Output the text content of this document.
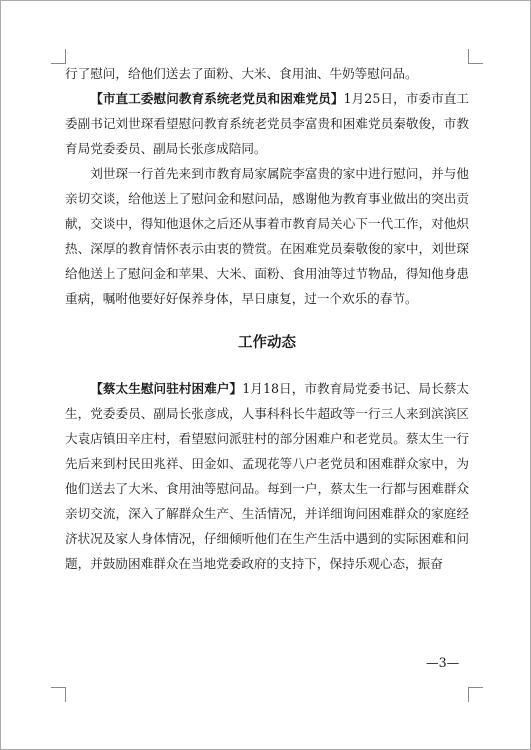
行了慰问，给他们送去了面粉、大米、食用油、牛奶等慰问品。

【市直工委慰问教育系统老党员和困难党员】1月25日，市委市直工委副书记刘世琛看望慰问教育系统老党员李富贵和困难党员秦敬俊，市教育局党委委员、副局长张彦成陪同。

刘世琛一行首先来到市教育局家属院李富贵的家中进行慰问，并与他亲切交谈，给他送上了慰问金和慰问品，感谢他为教育事业做出的突出贡献，交谈中，得知他退休之后还从事着市教育局关心下一代工作，对他炽热、深厚的教育情怀表示由衷的赞赏。在困难党员秦敬俊的家中，刘世琛给他送上了慰问金和苹果、大米、面粉、食用油等过节物品，得知他身患重病，嘱咐他要好好保养身体，早日康复，过一个欢乐的春节。

工作动态

【蔡太生慰问驻村困难户】1月18日，市教育局党委书记、局长蔡太生，党委委员、副局长张彦成，人事科科长牛超政等一行三人来到滨滨区大袁店镇田辛庄村，看望慰问派驻村的部分困难户和老党员。蔡太生一行先后来到村民田兆祥、田金如、孟现花等八户老党员和困难群众家中，为他们送去了大米、食用油等慰问品。每到一户，蔡太生一行都与困难群众亲切交流，深入了解群众生产、生活情况，并详细询问困难群众的家庭经济状况及家人身体情况，仔细倾听他们在生产生活中遇到的实际困难和问题，并鼓励困难群众在当地党委政府的支持下，保持乐观心态，振奋

—3—
